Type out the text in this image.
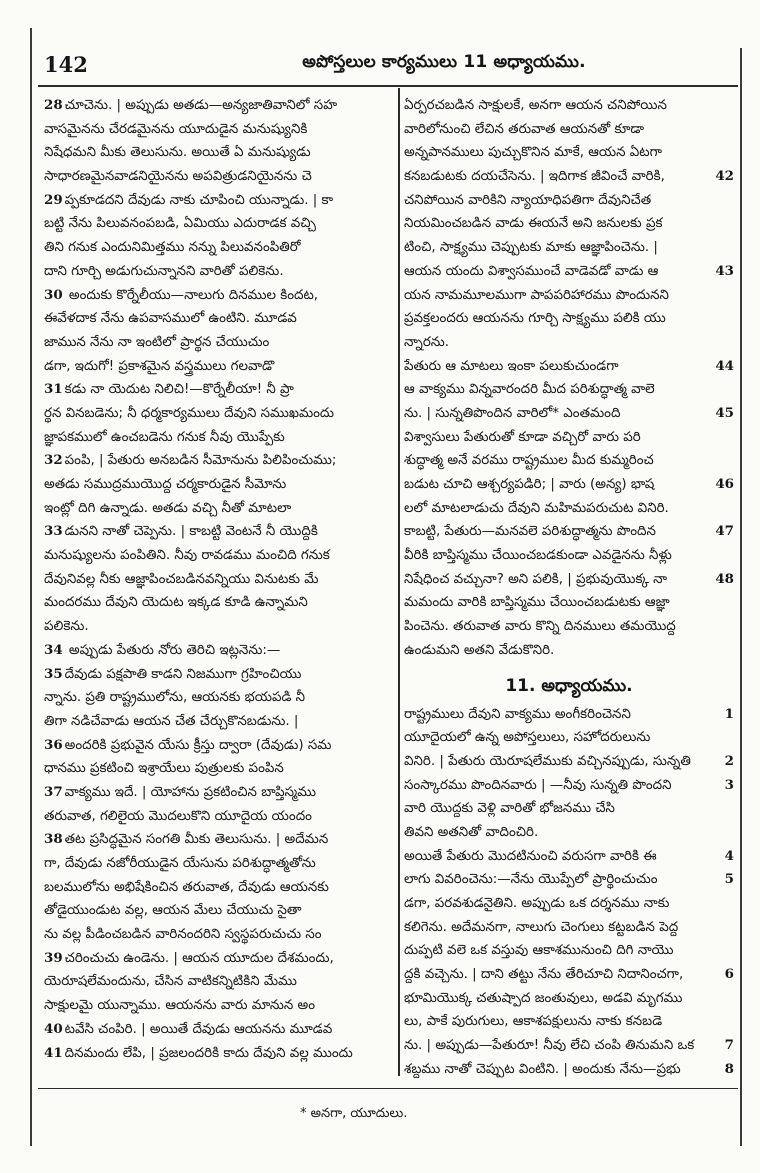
142	అపోస్తలుల కార్యములు 11 అధ్యాయము.
28 చూచెను. | అప్పుడు అతడు—అన్యజాతివానిలో సహ
వాసమైనను చేరడమైనను యూదుడైన మనుష్యునికి
నిషేధమని మీకు తెలుసును. అయితే ఏ మనుష్యుడు
సాధారణమైనవాడనియైనను అపవిత్రుడనియైనను చె
29 ప్పకూడదని దేవుడు నాకు చూపించి యున్నాడు. | కా
బట్టి నేను పిలువనంపబడి, ఏమియు ఎదురాడక వచ్చి
తిని గనుక ఎందునిమిత్తము నన్ను పిలువనంపితిరో
దాని గూర్చి అడుగుచున్నానని వారితో పలికెను.
30 అందుకు కొర్నేలీయు—నాలుగు దినముల కిందట,
ఈవేళదాక నేను ఉపవాసములో ఉంటిని. మూడవ
జామున నేను నా ఇంటిలో ప్రార్థన చేయుచుం
డగా, ఇదుగో! ప్రకాశమైన వస్త్రములు గలవాడొ
31 కడు నా యెదుట నిలిచి!—కొర్నేలీయా! నీ ప్రా
ర్థన వినబడెను; నీ ధర్మకార్యములు దేవుని సముఖమందు
జ్ఞాపకములో ఉంచబడెను గనుక నీవు యొప్పేకు
32 పంపి, | పేతురు అనబడిన సీమోనును పిలిపించుము;
అతడు సముద్రముయొద్ద చర్మకారుడైన సీమోను
ఇంట్లో దిగి ఉన్నాడు. అతడు వచ్చి నీతో మాటలా
33 డునని నాతో చెప్పెను. | కాబట్టి వెంటనే నీ యొద్దికి
మనుష్యులను పంపితిని. నీవు రావడము మంచిది గనుక
దేవునివల్ల నీకు ఆజ్ఞాపించబడినవన్నియు వినుటకు మే
మందరము దేవుని యెదుట ఇక్కడ కూడి ఉన్నామని
పలికెను.
34 అప్పుడు పేతురు నోరు తెరిచి ఇట్లనెను:—
35 దేవుడు పక్షపాతి కాడని నిజముగా గ్రహించియు
న్నాను. ప్రతి రాష్ట్రములోను, ఆయనకు భయపడి నీ
తిగా నడిచేవాడు ఆయన చేత చేర్చుకొనబడును. |
36 అందరికి ప్రభువైన యేసు క్రీస్తు ద్వారా (దేవుడు) సమ
ధానము ప్రకటించి ఇశ్రాయేలు పుత్రులకు పంపిన
37 వాక్యము ఇదే. | యోహాను ప్రకటించిన బాప్తిస్మము
తరువాత, గలిలైయ మొదలుకొని యూదైయ యందం
38 తట ప్రసిద్ధమైన సంగతి మీకు తెలుసును. | అదేమన
గా, దేవుడు నజోరీయుడైన యేసును పరిశుద్ధాత్మతోను
బలములోను అభిషేకించిన తరువాత, దేవుడు ఆయనకు
తోడైయుండుట వల్ల, ఆయన మేలు చేయుచు సైతా
ను వల్ల పీడించబడిన వారినందరిని స్వస్థపరుచుచు సం
39 చరించుచు ఉండెను. | ఆయన యూదుల దేశమందు,
యెరూషలేమందును, చేసిన వాటికన్నిటికిని మేము
సాక్షులమై యున్నాము. ఆయనను వారు మానున అం
40 టవేసి చంపిరి. | అయితే దేవుడు ఆయనను మూడవ
41 దినమందు లేపి, | ప్రజలందరికి కాదు దేవుని వల్ల ముందు
ఏర్పరచబడిన సాక్షులకే, అనగా ఆయన చనిపోయిన
వారిలోనుంచి లేచిన తరువాత ఆయనతో కూడా
అన్నపానములు పుచ్చుకొనిన మాకే, ఆయన ఏటగా
కనబడుటకు దయచేసెను. | ఇదిగాక జీవించే వారికి,	42
చనిపోయిన వారికిని న్యాయాధిపతిగా దేవునిచేత
నియమించబడిన వాడు ఈయనే అని జనులకు ప్రక
టించి, సాక్ష్యము చెప్పుటకు మాకు ఆజ్ఞాపించెను. |
ఆయన యందు విశ్వాసముంచే వాడెవడో వాడు ఆ	43
యన నామమూలముగా పాపపరిహారము పొందునని
ప్రవక్తలందరు ఆయనను గూర్చి సాక్ష్యము పలికి యు
న్నారను.
పేతురు ఆ మాటలు ఇంకా పలుకుచుండగా	44
ఆ వాక్యము విన్నవారందరి మీద పరిశుద్ధాత్మ వాలె
ను. | సున్నతిపొందిన వారిలో* ఎంతమంది	45
విశ్వాసులు పేతురుతో కూడా వచ్చిరో వారు పరి
శుద్ధాత్మ అనే వరము రాష్ట్రముల మీద కుమ్మరించ
బడుట చూచి ఆశ్చర్యపడిరి; | వారు (అన్య) భాష	46
లలో మాటలాడుచు దేవుని మహిమపరుచుట వినిరి.
కాబట్టి, పేతురు—మనవలె పరిశుద్ధాత్మను పొందిన	47
వీరికి బాప్తిస్మము చేయించబడకుండా ఎవడైనను నీళ్లు
నిషేధించ వచ్చునా? అని పలికి, | ప్రభువుయొక్క నా	48
మమందు వారికి బాప్తిస్మము చేయించబడుటకు ఆజ్ఞా
పించెను. తరువాత వారు కొన్ని దినములు తమయొద్ద
ఉండుమని అతని వేడుకొనిరి.
11. అధ్యాయము.
రాష్ట్రములు దేవుని వాక్యము అంగీకరించెనని	1
యూదైయలో ఉన్న అపోస్తలులు, సహోదరులును
వినిరి. | పేతురు యెరూషలేముకు వచ్చినప్పుడు, సున్నతి	2
సంస్కారము పొందినవారు | —నీవు సున్నతి పొందని	3
వారి యొద్దకు వెళ్లి వారితో భోజనము చేసి
తివని అతనితో వాదించిరి.
అయితే పేతురు మొదటినుంచి వరుసగా వారికి ఈ	4
లాగు వివరించెను:—నేను యొప్పేలో ప్రార్థించుచుం	5
డగా, పరవశుడనైతిని. అప్పుడు ఒక దర్శనము నాకు
కలిగెను. అదేమనగా, నాలుగు చెంగులు కట్టబడిన పెద్ద
దుప్పటి వలె ఒక వస్తువు ఆకాశమునుంచి దిగి నాయొ
ద్దకి వచ్చెను. | దాని తట్టు నేను తేరిచూచి నిదానించగా,	6
భూమియొక్క చతుష్పాద జంతువులు, అడవి మృగము
లు, పాకే పురుగులు, ఆకాశపక్షులును నాకు కనబడె
ను. | అప్పుడు—పేతురూ! నీవు లేచి చంపి తినుమని ఒక 7
శబ్దము నాతో చెప్పుట వింటిని. | అందుకు నేను—ప్రభు	8
* అనగా, యూదులు.
